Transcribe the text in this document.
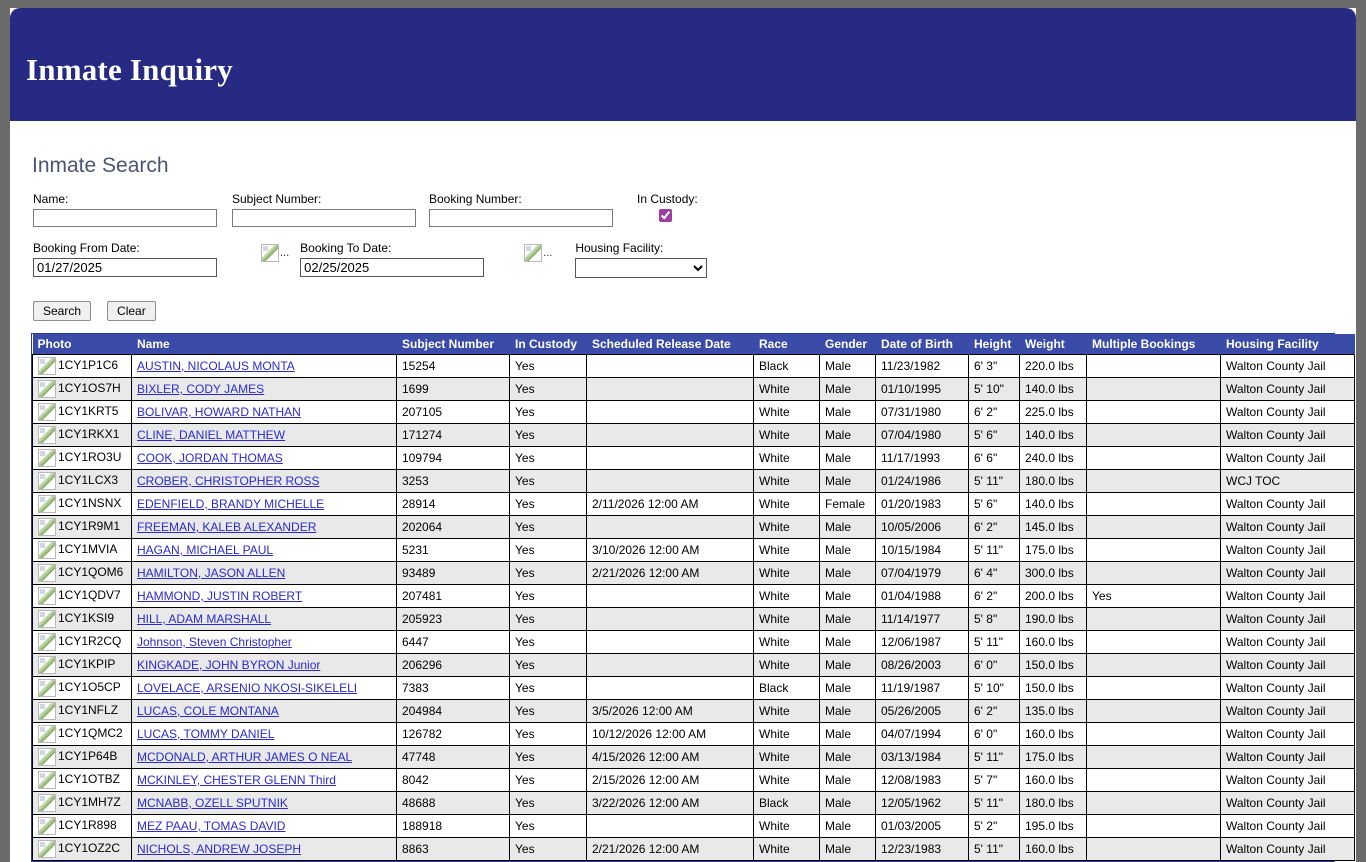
Inmate Inquiry
Inmate Search
Name:	Subject Number:	Booking Number:	In Custody:
Booking From Date:
01/27/2025	... Booking To Date:
02/25/2025	... Housing Facility:
Search	Clear
Photo	Name	Subject Number	In Custody	Scheduled Release Date	Race	Gender	Date of Birth	Height	Weight	Multiple Bookings	Housing Facility
1CY1P1C6	AUSTIN, NICOLAUS MONTA	15254	Yes		Black	Male	11/23/1982	6' 3"	220.0 lbs		Walton County Jail
1CY1OS7H	BIXLER, CODY JAMES	1699	Yes		White	Male	01/10/1995	5' 10"	140.0 lbs		Walton County Jail
1CY1KRT5	BOLIVAR, HOWARD NATHAN	207105	Yes		White	Male	07/31/1980	6' 2"	225.0 lbs		Walton County Jail
1CY1RKX1	CLINE, DANIEL MATTHEW	171274	Yes		White	Male	07/04/1980	5' 6"	140.0 lbs		Walton County Jail
1CY1RO3U	COOK, JORDAN THOMAS	109794	Yes		White	Male	11/17/1993	6' 6"	240.0 lbs		Walton County Jail
1CY1LCX3	CROBER, CHRISTOPHER ROSS	3253	Yes		White	Male	01/24/1986	5' 11"	180.0 lbs		WCJ TOC
1CY1NSNX	EDENFIELD, BRANDY MICHELLE	28914	Yes	2/11/2026 12:00 AM	White	Female	01/20/1983	5' 6"	140.0 lbs		Walton County Jail
1CY1R9M1	FREEMAN, KALEB ALEXANDER	202064	Yes		White	Male	10/05/2006	6' 2"	145.0 lbs		Walton County Jail
1CY1MVIA	HAGAN, MICHAEL PAUL	5231	Yes	3/10/2026 12:00 AM	White	Male	10/15/1984	5' 11"	175.0 lbs		Walton County Jail
1CY1QOM6	HAMILTON, JASON ALLEN	93489	Yes	2/21/2026 12:00 AM	White	Male	07/04/1979	6' 4"	300.0 lbs		Walton County Jail
1CY1QDV7	HAMMOND, JUSTIN ROBERT	207481	Yes		White	Male	01/04/1988	6' 2"	200.0 lbs	Yes	Walton County Jail
1CY1KSI9	HILL, ADAM MARSHALL	205923	Yes		White	Male	11/14/1977	5' 8"	190.0 lbs		Walton County Jail
1CY1R2CQ	Johnson, Steven Christopher	6447	Yes		White	Male	12/06/1987	5' 11"	160.0 lbs		Walton County Jail
1CY1KPIP	KINGKADE, JOHN BYRON Junior	206296	Yes		White	Male	08/26/2003	6' 0"	150.0 lbs		Walton County Jail
1CY1O5CP	LOVELACE, ARSENIO NKOSI-SIKELELI	7383	Yes		Black	Male	11/19/1987	5' 10"	150.0 lbs		Walton County Jail
1CY1NFLZ	LUCAS, COLE MONTANA	204984	Yes	3/5/2026 12:00 AM	White	Male	05/26/2005	6' 2"	135.0 lbs		Walton County Jail
1CY1QMC2	LUCAS, TOMMY DANIEL	126782	Yes	10/12/2026 12:00 AM	White	Male	04/07/1994	6' 0"	160.0 lbs		Walton County Jail
1CY1P64B	MCDONALD, ARTHUR JAMES O NEAL	47748	Yes	4/15/2026 12:00 AM	White	Male	03/13/1984	5' 11"	175.0 lbs		Walton County Jail
1CY1OTBZ	MCKINLEY, CHESTER GLENN Third	8042	Yes	2/15/2026 12:00 AM	White	Male	12/08/1983	5' 7"	160.0 lbs		Walton County Jail
1CY1MH7Z	MCNABB, OZELL SPUTNIK	48688	Yes	3/22/2026 12:00 AM	Black	Male	12/05/1962	5' 11"	180.0 lbs		Walton County Jail
1CY1R898	MEZ PAAU, TOMAS DAVID	188918	Yes		White	Male	01/03/2005	5' 2"	195.0 lbs		Walton County Jail
1CY1OZ2C	NICHOLS, ANDREW JOSEPH	8863	Yes	2/21/2026 12:00 AM	White	Male	12/23/1983	5' 11"	160.0 lbs		Walton County Jail
